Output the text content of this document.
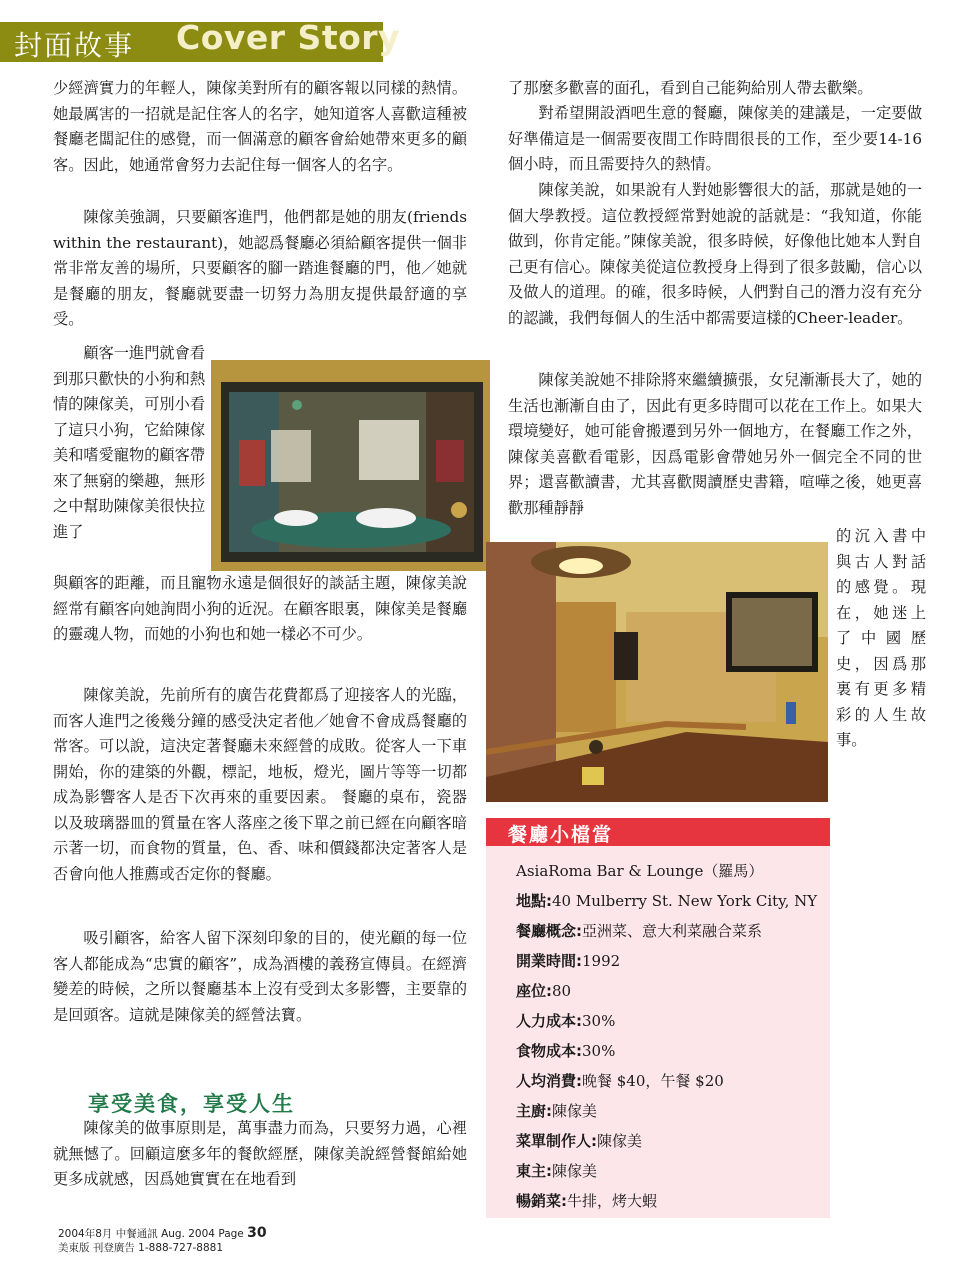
封面故事 Cover Story

少經濟實力的年輕人，陳傢美對所有的顧客報以同樣的熱情。她最厲害的一招就是記住客人的名字，她知道客人喜歡這種被餐廳老闆記住的感覺，而一個滿意的顧客會給她帶來更多的顧客。因此，她通常會努力去記住每一個客人的名字。

陳傢美強調，只要顧客進門，他們都是她的朋友(friends within the restaurant)，她認爲餐廳必須給顧客提供一個非常非常友善的場所，只要顧客的腳一踏進餐廳的門，他／她就是餐廳的朋友，餐廳就要盡一切努力為朋友提供最舒適的享受。

顧客一進門就會看到那只歡快的小狗和熱情的陳傢美，可別小看了這只小狗，它給陳傢美和嗜愛寵物的顧客帶來了無窮的樂趣，無形之中幫助陳傢美很快拉進了

與顧客的距離，而且寵物永遠是個很好的談話主題，陳傢美說經常有顧客向她詢問小狗的近況。在顧客眼裏，陳傢美是餐廳的靈魂人物，而她的小狗也和她一樣必不可少。

陳傢美說，先前所有的廣告花費都爲了迎接客人的光臨，而客人進門之後幾分鐘的感受決定者他／她會不會成爲餐廳的常客。可以說，這決定著餐廳未來經營的成敗。從客人一下車開始，你的建築的外觀，標記，地板，燈光，圖片等等一切都成為影響客人是否下次再來的重要因素。 餐廳的桌布，瓷器以及玻璃器皿的質量在客人落座之後下單之前已經在向顧客暗示著一切，而食物的質量，色、香、味和價錢都決定著客人是否會向他人推薦或否定你的餐廳。

吸引顧客，給客人留下深刻印象的目的，使光顧的每一位客人都能成為“忠實的顧客”，成為酒樓的義務宣傳員。在經濟變差的時候，之所以餐廳基本上沒有受到太多影響，主要靠的是回頭客。這就是陳傢美的經營法寶。

享受美食，享受人生

陳傢美的做事原則是，萬事盡力而為，只要努力過，心裡就無憾了。回顧這麼多年的餐飲經歷，陳傢美說經營餐館給她更多成就感，因爲她實實在在地看到

了那麼多歡喜的面孔，看到自己能夠給別人帶去歡樂。

對希望開設酒吧生意的餐廳，陳傢美的建議是，一定要做好準備這是一個需要夜間工作時間很長的工作，至少要14-16個小時，而且需要持久的熱情。

陳傢美說，如果說有人對她影響很大的話，那就是她的一個大學教授。這位教授經常對她說的話就是：“我知道，你能做到，你肯定能。”陳傢美說，很多時候，好像他比她本人對自己更有信心。陳傢美從這位教授身上得到了很多鼓勵，信心以及做人的道理。的確，很多時候，人們對自己的潛力沒有充分的認識，我們每個人的生活中都需要這樣的Cheer-leader。

陳傢美說她不排除將來繼續擴張，女兒漸漸長大了，她的生活也漸漸自由了，因此有更多時間可以花在工作上。如果大環境變好，她可能會搬遷到另外一個地方，在餐廳工作之外，陳傢美喜歡看電影，因爲電影會帶她另外一個完全不同的世界；還喜歡讀書，尤其喜歡閱讀歷史書籍，喧嘩之後，她更喜歡那種靜靜

的沉入書中與古人對話的感覺。現在，她迷上了中國歷史，因爲那裏有更多精彩的人生故事。

餐廳小檔當
AsiaRoma Bar & Lounge（羅馬）
地點:40 Mulberry St. New York City, NY
餐廳概念:亞洲菜、意大利菜融合菜系
開業時間:1992
座位:80
人力成本:30%
食物成本:30%
人均消費:晚餐 $40，午餐 $20
主廚:陳傢美
菜單制作人:陳傢美
東主:陳傢美
暢銷菜:牛排，烤大蝦
2004年8月 中餐通訊 Aug. 2004 Page 30
美東版 刊登廣告 1-888-727-8881
